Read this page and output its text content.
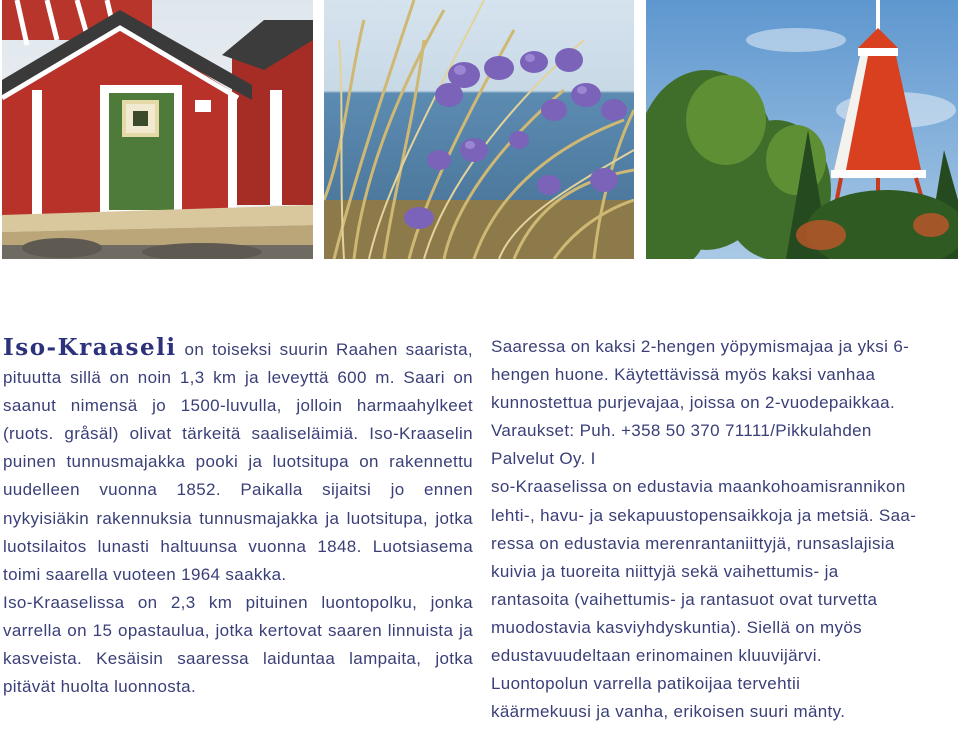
Iso-Kraaseli on toiseksi suurin Raahen saarista, pituutta sillä on noin 1,3 km ja leveyttä 600 m. Saari on saanut nimensä jo 1500-luvulla, jolloin harmaahylkeet (ruots. gråsäl) olivat tärkeitä saaliseläimiä. Iso-Kraaselin puinen tunnusmajakka pooki ja luotsitupa on rakennettu uudelleen vuonna 1852. Paikalla sijaitsi jo ennen nykyisiäkin rakennuksia tunnusmajakka ja luotsitupa, jotka luotsilaitos lunasti haltuunsa vuonna 1848. Luotsiasema toimi saarella vuoteen 1964 saakka.

Iso-Kraaselissa on 2,3 km pituinen luontopolku, jonka varrella on 15 opastaulua, jotka kertovat saaren linnuista ja kasveista. Kesäisin saaressa laiduntaa lampaita, jotka pitävät huolta luonnosta.

Saaressa on kaksi 2-hengen yöpymismajaa ja yksi 6-
hengen huone. Käytettävissä myös kaksi vanhaa
kunnostettua purjevajaa, joissa on 2-vuodepaikkaa.
Varaukset: Puh. +358 50 370 71111/Pikkulahden
Palvelut Oy. I
so-Kraaselissa on edustavia maankohoamisrannikon
lehti-, havu- ja sekapuustopensaikkoja ja metsiä. Saa-
ressa on edustavia merenrantaniittyjä, runsaslajisia
kuivia ja tuoreita niittyjä sekä vaihettumis- ja
rantasoita (vaihettumis- ja rantasuot ovat turvetta
muodostavia kasviyhdyskuntia). Siellä on myös
edustavuudeltaan erinomainen kluuvijärvi.
Luontopolun varrella patikoijaa tervehtii
käärmekuusi ja vanha, erikoisen suuri mänty.
